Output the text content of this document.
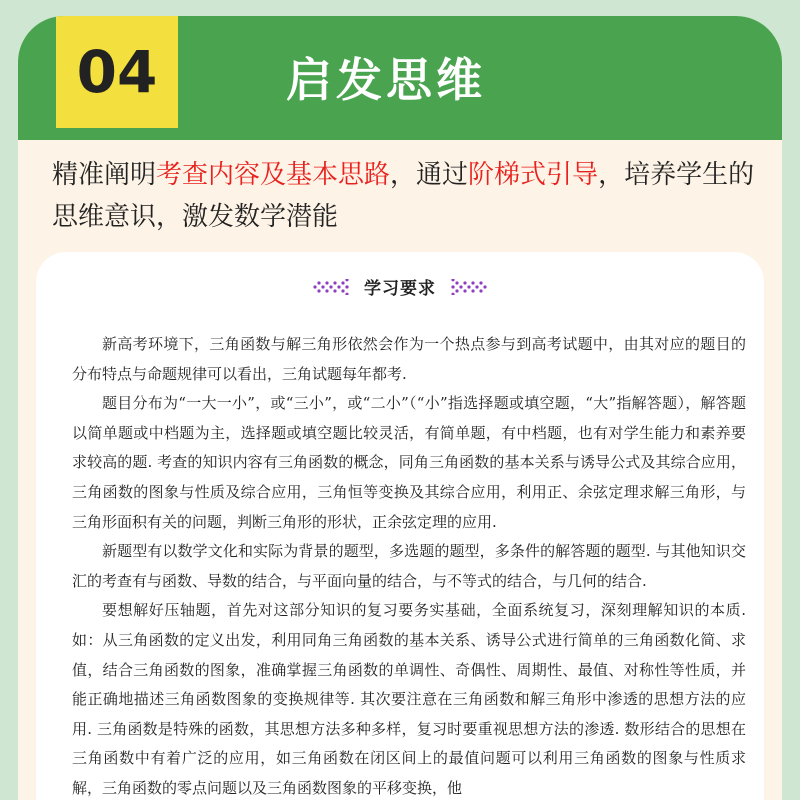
04	启发思维
精准阐明考查内容及基本思路，通过阶梯式引导，培养学生的思维意识，激发数学潜能
学习要求

新高考环境下，三角函数与解三角形依然会作为一个热点参与到高考试题中，由其对应的题目的分布特点与命题规律可以看出，三角试题每年都考.

题目分布为“一大一小”，或“三小”，或“二小”（“小”指选择题或填空题，“大”指解答题），解答题以简单题或中档题为主，选择题或填空题比较灵活，有简单题，有中档题，也有对学生能力和素养要求较高的题. 考查的知识内容有三角函数的概念，同角三角函数的基本关系与诱导公式及其综合应用，三角函数的图象与性质及综合应用，三角恒等变换及其综合应用，利用正、余弦定理求解三角形，与三角形面积有关的问题，判断三角形的形状，正余弦定理的应用.

新题型有以数学文化和实际为背景的题型，多选题的题型，多条件的解答题的题型. 与其他知识交汇的考查有与函数、导数的结合，与平面向量的结合，与不等式的结合，与几何的结合.

要想解好压轴题，首先对这部分知识的复习要务实基础，全面系统复习，深刻理解知识的本质. 如：从三角函数的定义出发，利用同角三角函数的基本关系、诱导公式进行简单的三角函数化简、求值，结合三角函数的图象，准确掌握三角函数的单调性、奇偶性、周期性、最值、对称性等性质，并能正确地描述三角函数图象的变换规律等. 其次要注意在三角函数和解三角形中渗透的思想方法的应用. 三角函数是特殊的函数，其思想方法多种多样，复习时要重视思想方法的渗透. 数形结合的思想在三角函数中有着广泛的应用，如三角函数在闭区间上的最值问题可以利用三角函数的图象与性质求解，三角函数的零点问题以及三角函数图象的平移变换，他
